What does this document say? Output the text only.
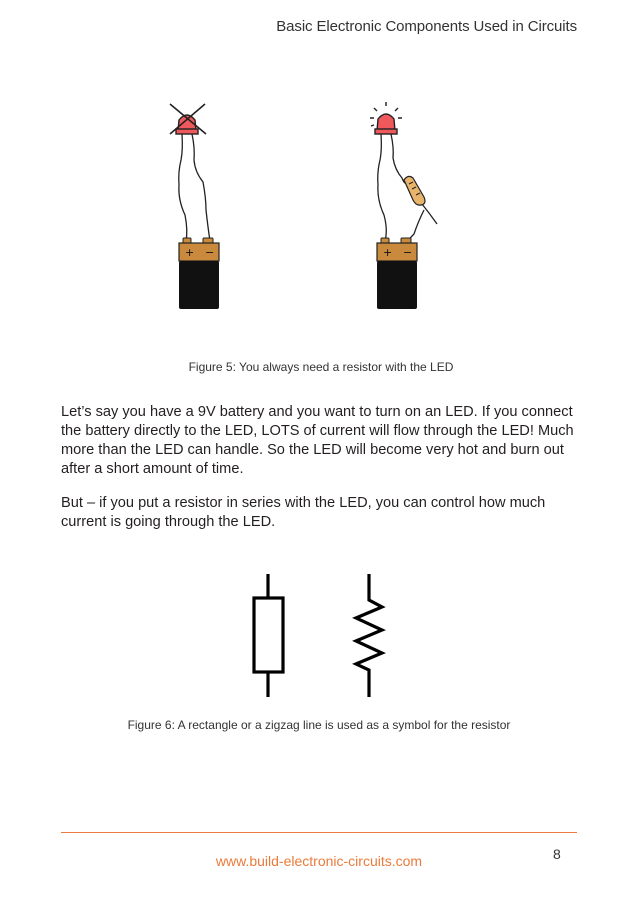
Basic Electronic Components Used in Circuits
+ −	+ −
Figure 5: You always need a resistor with the LED

Let’s say you have a 9V battery and you want to turn on an LED. If you connect the battery directly to the LED, LOTS of current will flow through the LED! Much more than the LED can handle. So the LED will become very hot and burn out after a short amount of time.

But – if you put a resistor in series with the LED, you can control how much current is going through the LED.

Figure 6: A rectangle or a zigzag line is used as a symbol for the resistor
8
www.build-electronic-circuits.com
